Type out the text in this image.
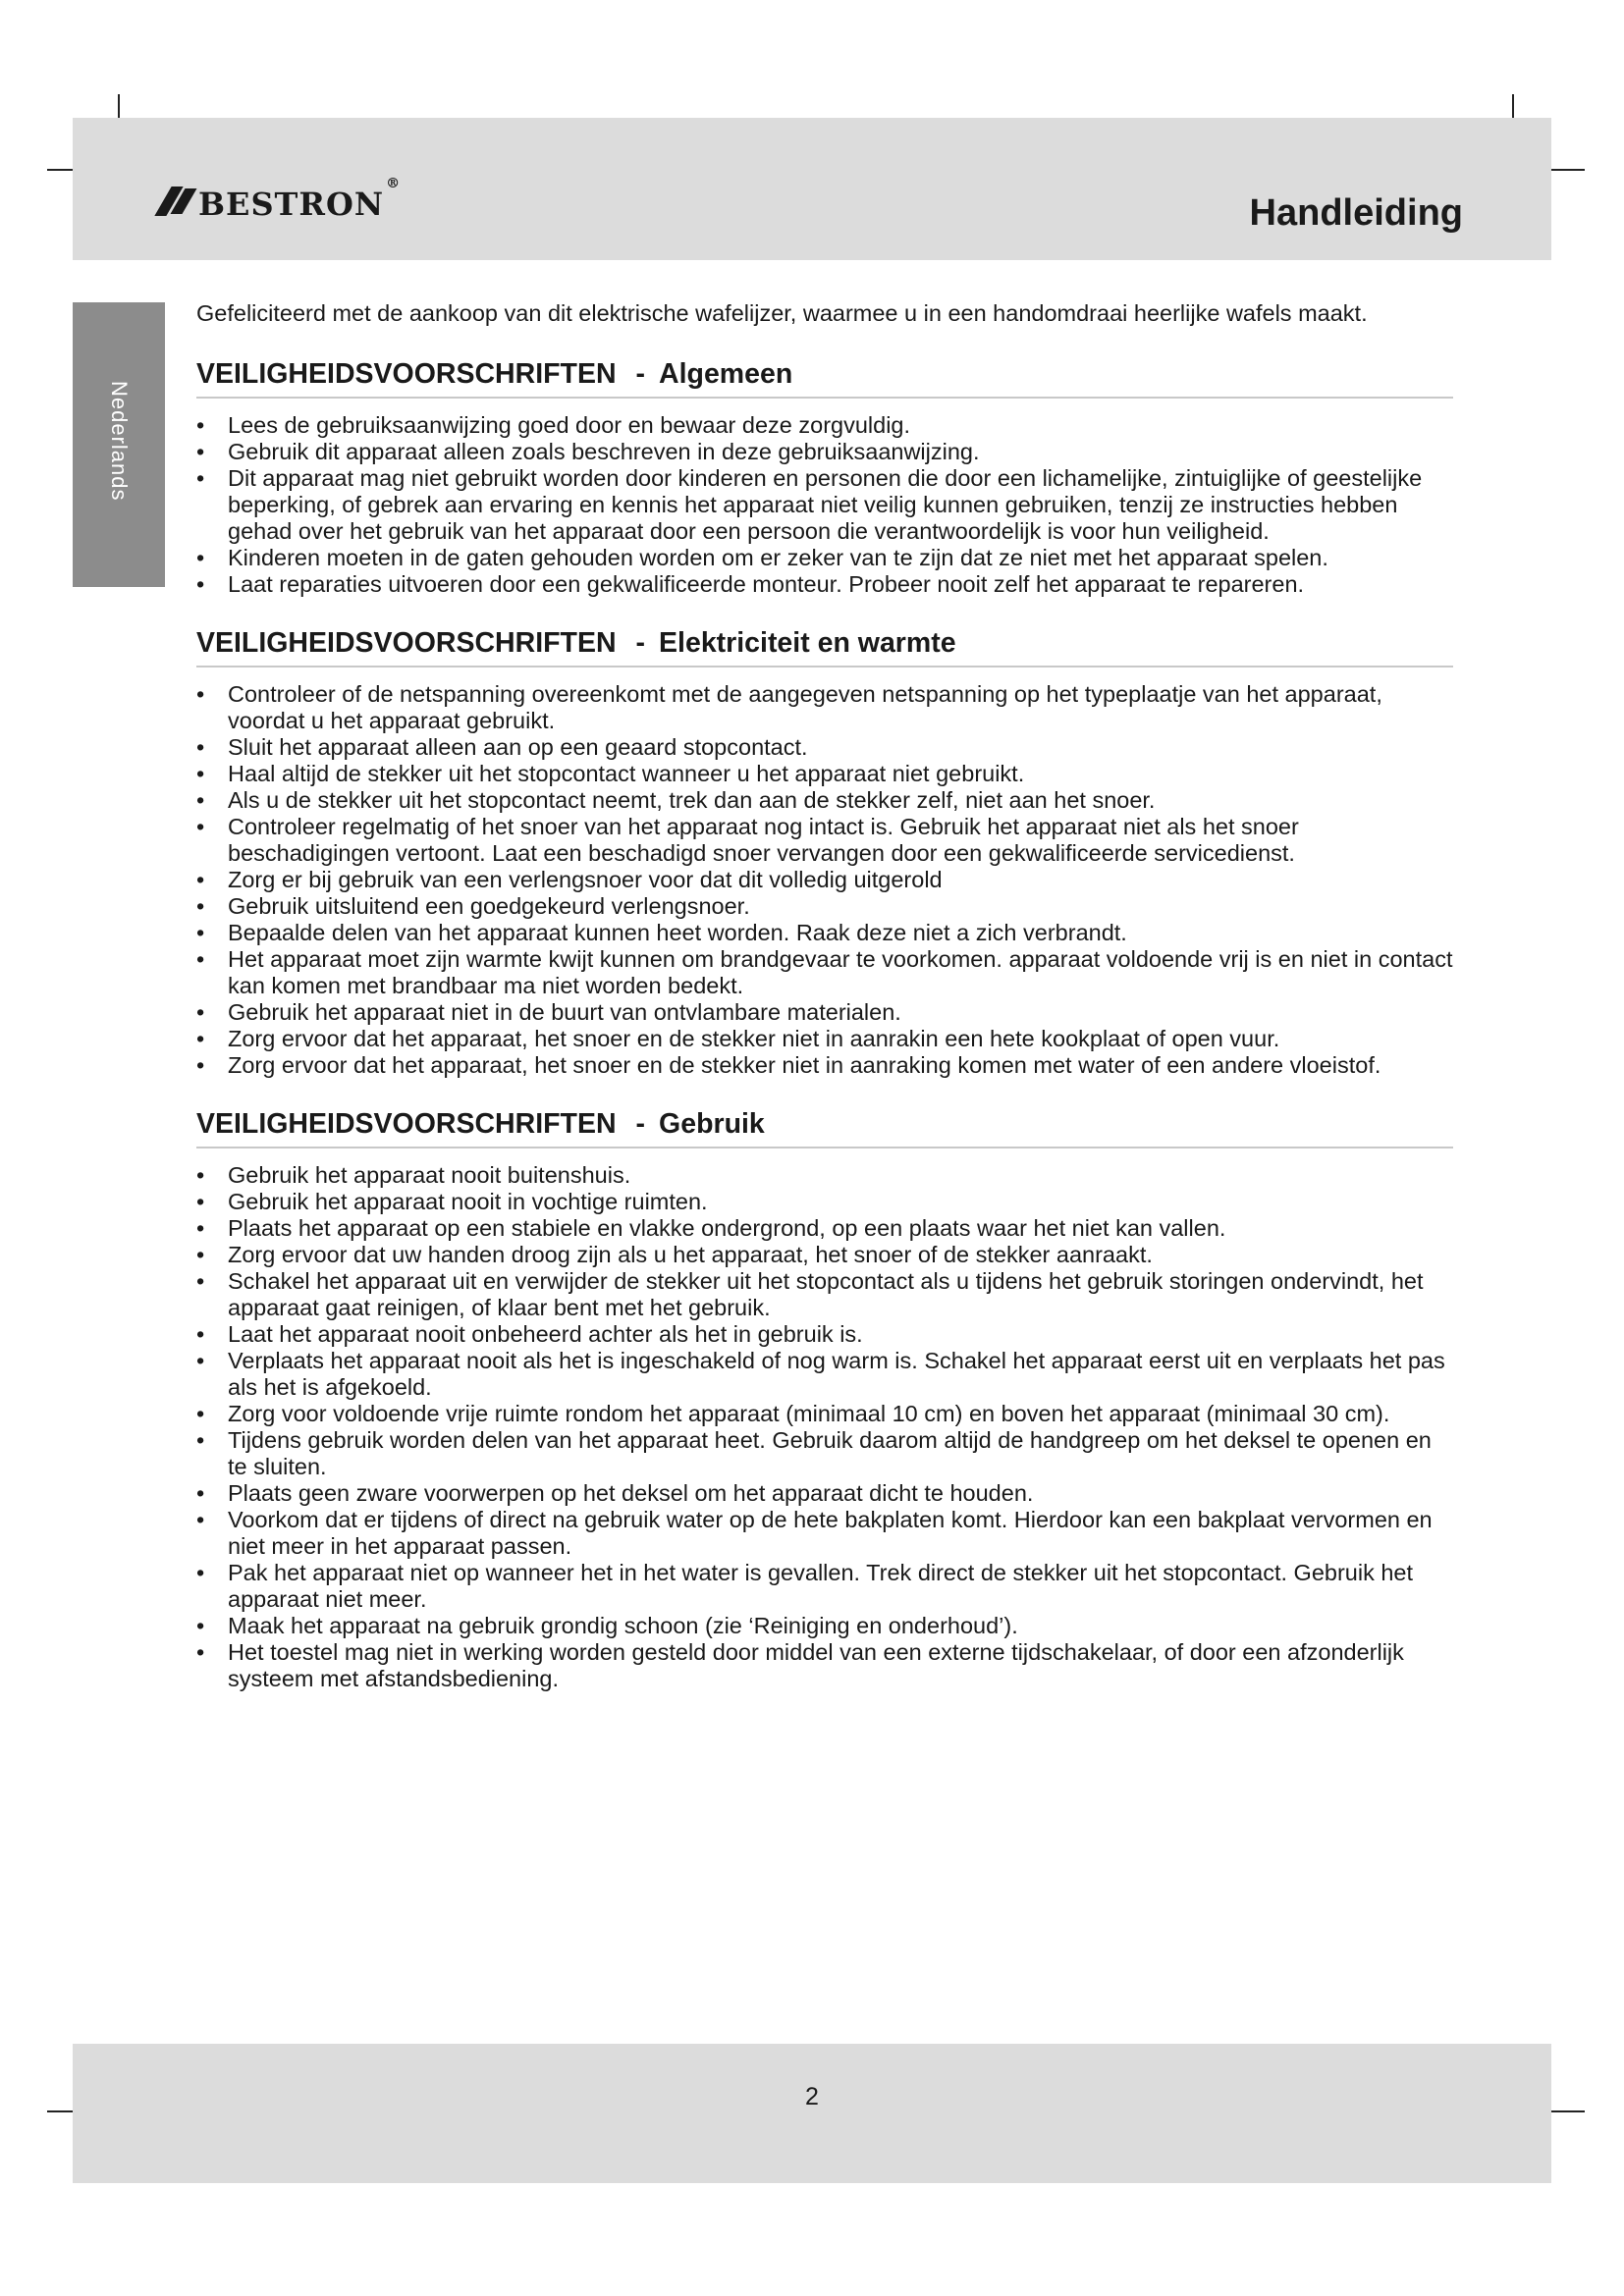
bestron ®
Handleiding
Nederlands

Gefeliciteerd met de aankoop van dit elektrische wafelijzer, waarmee u in een handomdraai heerlijke wafels maakt.

VEILIGHEIDSVOORSCHRIFTEN - Algemeen
• Lees de gebruiksaanwijzing goed door en bewaar deze zorgvuldig.
• Gebruik dit apparaat alleen zoals beschreven in deze gebruiksaanwijzing.
• Dit apparaat mag niet gebruikt worden door kinderen en personen die door een lichamelijke, zintuiglijke of geestelijke beperking, of gebrek aan ervaring en kennis het apparaat niet veilig kunnen gebruiken, tenzij ze instructies hebben gehad over het gebruik van het apparaat door een persoon die verantwoordelijk is voor hun veiligheid.
• Kinderen moeten in de gaten gehouden worden om er zeker van te zijn dat ze niet met het apparaat spelen.
• Laat reparaties uitvoeren door een gekwalificeerde monteur. Probeer nooit zelf het apparaat te repareren.
VEILIGHEIDSVOORSCHRIFTEN - Elektriciteit en warmte
• Controleer of de netspanning overeenkomt met de aangegeven netspanning op het typeplaatje van het apparaat, voordat u het apparaat gebruikt.
• Sluit het apparaat alleen aan op een geaard stopcontact.
• Haal altijd de stekker uit het stopcontact wanneer u het apparaat niet gebruikt.
• Als u de stekker uit het stopcontact neemt, trek dan aan de stekker zelf, niet aan het snoer.
• Controleer regelmatig of het snoer van het apparaat nog intact is. Gebruik het apparaat niet als het snoer beschadigingen vertoont. Laat een beschadigd snoer vervangen door een gekwalificeerde servicedienst.
• Zorg er bij gebruik van een verlengsnoer voor dat dit volledig uitgerold
• Gebruik uitsluitend een goedgekeurd verlengsnoer.
• Bepaalde delen van het apparaat kunnen heet worden. Raak deze niet a zich verbrandt.
• Het apparaat moet zijn warmte kwijt kunnen om brandgevaar te voorkomen. apparaat voldoende vrij is en niet in contact kan komen met brandbaar ma niet worden bedekt.
• Gebruik het apparaat niet in de buurt van ontvlambare materialen.
• Zorg ervoor dat het apparaat, het snoer en de stekker niet in aanrakin een hete kookplaat of open vuur.
• Zorg ervoor dat het apparaat, het snoer en de stekker niet in aanraking komen met water of een andere vloeistof.
VEILIGHEIDSVOORSCHRIFTEN - Gebruik
• Gebruik het apparaat nooit buitenshuis.
• Gebruik het apparaat nooit in vochtige ruimten.
• Plaats het apparaat op een stabiele en vlakke ondergrond, op een plaats waar het niet kan vallen.
• Zorg ervoor dat uw handen droog zijn als u het apparaat, het snoer of de stekker aanraakt.
• Schakel het apparaat uit en verwijder de stekker uit het stopcontact als u tijdens het gebruik storingen ondervindt, het apparaat gaat reinigen, of klaar bent met het gebruik.
• Laat het apparaat nooit onbeheerd achter als het in gebruik is.
• Verplaats het apparaat nooit als het is ingeschakeld of nog warm is. Schakel het apparaat eerst uit en verplaats het pas als het is afgekoeld.
• Zorg voor voldoende vrije ruimte rondom het apparaat (minimaal 10 cm) en boven het apparaat (minimaal 30 cm).
• Tijdens gebruik worden delen van het apparaat heet. Gebruik daarom altijd de handgreep om het deksel te openen en te sluiten.
• Plaats geen zware voorwerpen op het deksel om het apparaat dicht te houden.
• Voorkom dat er tijdens of direct na gebruik water op de hete bakplaten komt. Hierdoor kan een bakplaat vervormen en niet meer in het apparaat passen.
• Pak het apparaat niet op wanneer het in het water is gevallen. Trek direct de stekker uit het stopcontact. Gebruik het apparaat niet meer.
• Maak het apparaat na gebruik grondig schoon (zie ‘Reiniging en onderhoud’).
• Het toestel mag niet in werking worden gesteld door middel van een externe tijdschakelaar, of door een afzonderlijk systeem met afstandsbediening.
2
